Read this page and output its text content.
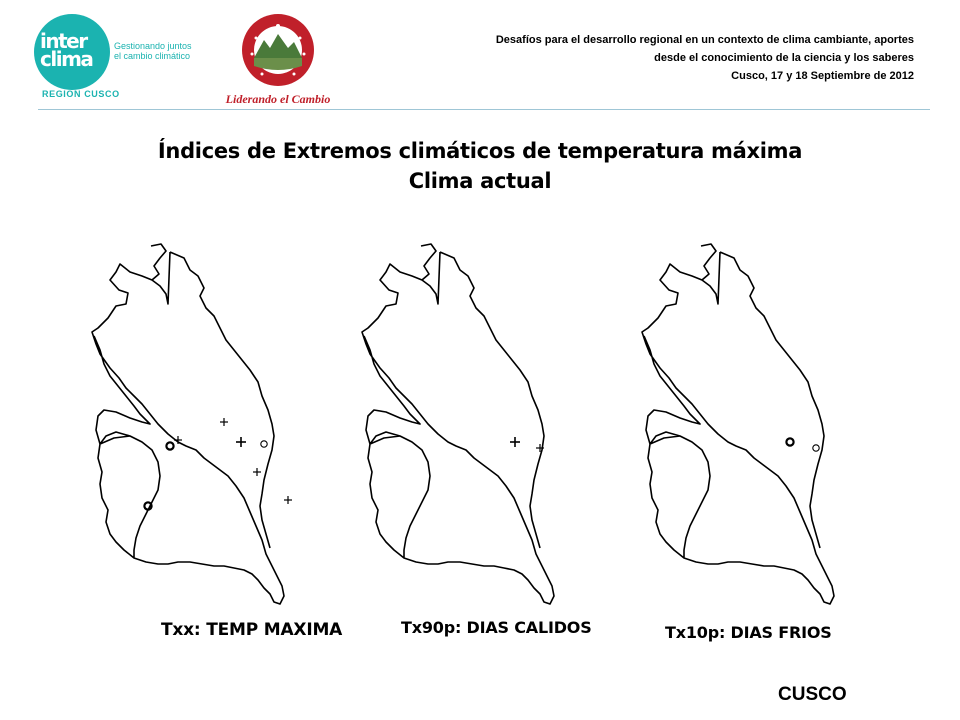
inter
clima
Gestionando juntos
el cambio climático
REGION CUSCO	Liderando el Cambio
Desafíos para el desarrollo regional en un contexto de clima cambiante, aportes
desde el conocimiento de la ciencia y los saberes
Cusco, 17 y 18 Septiembre de 2012
Índices de Extremos climáticos de temperatura máxima
Clima actual
Txx: TEMP MAXIMA	Tx90p: DIAS CALIDOS	Tx10p: DIAS FRIOS
CUSCO
